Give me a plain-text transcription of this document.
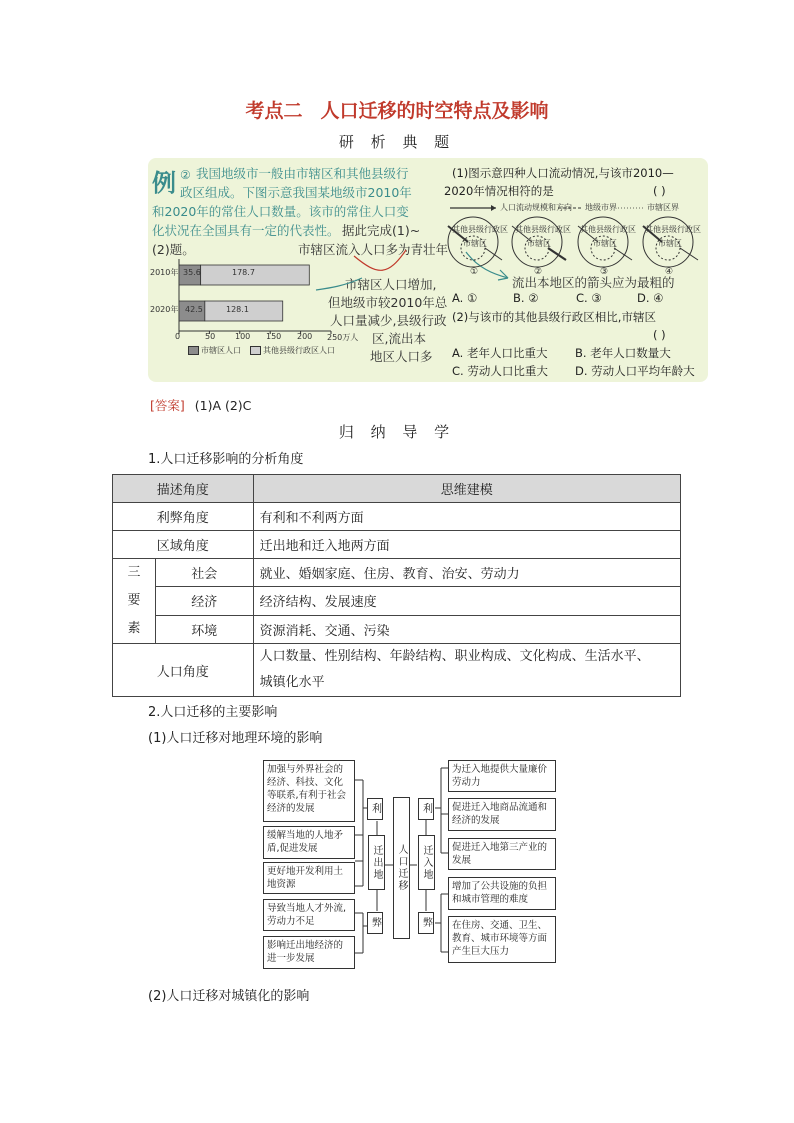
考点二 人口迁移的时空特点及影响
研 析 典 题
例 ② 我国地级市一般由市辖区和其他县级行
政区组成。下图示意我国某地级市2010年
和2020年的常住人口数量。该市的常住人口变
化状况在全国具有一定的代表性。 据此完成(1)~
(2)题。	市辖区流入人口多为青壮年
市辖区人口增加,
但地级市较2010年总
人口量减少,县级行政
区,流出本
地区人口多
流出本地区的箭头应为最粗的
2010年
2020年
35.6	178.7
42.5	128.1
0	50 100 150 200 250万人
市辖区人口	其他县级行政区人口
(1)图示意四种人口流动情况,与该市2010—
2020年情况相符的是	( )
人口流动规模和方向 地级市界	市辖区界
其他县级行政区
市辖区
其他县级行政区
市辖区
其他县级行政区
市辖区
其他县级行政区
市辖区
①	②	③	④
A. ①	B. ②	C. ③	D. ④
(2)与该市的其他县级行政区相比,市辖区
( )
A. 老年人口比重大 B. 老年人口数量大
C. 劳动人口比重大 D. 劳动人口平均年龄大
[答案] (1)A (2)C
归 纳 导 学
1.人口迁移影响的分析角度
描述角度		思维建模
利弊角度		有利和不利两方面
区域角度		迁出地和迁入地两方面

三
要
素	社会	就业、婚姻家庭、住房、教育、治安、劳动力
	经济	经济结构、发展速度
	环境	资源消耗、交通、污染
人口角度		人口数量、性别结构、年龄结构、职业构成、文化构成、生活水平、
城镇化水平
2.人口迁移的主要影响
(1)人口迁移对地理环境的影响
加强与外界社会的经济、科技、文化等联系,有利于社会经济的发展
缓解当地的人地矛盾,促进发展
更好地开发利用土地资源
导致当地人才外流,劳动力不足
影响迁出地经济的进一步发展
利
弊
迁出地	人口迁移	迁入地
利
弊
为迁入地提供大量廉价劳动力
促进迁入地商品流通和经济的发展
促进迁入地第三产业的发展
增加了公共设施的负担和城市管理的难度
在住房、交通、卫生、教育、城市环境等方面产生巨大压力
(2)人口迁移对城镇化的影响
